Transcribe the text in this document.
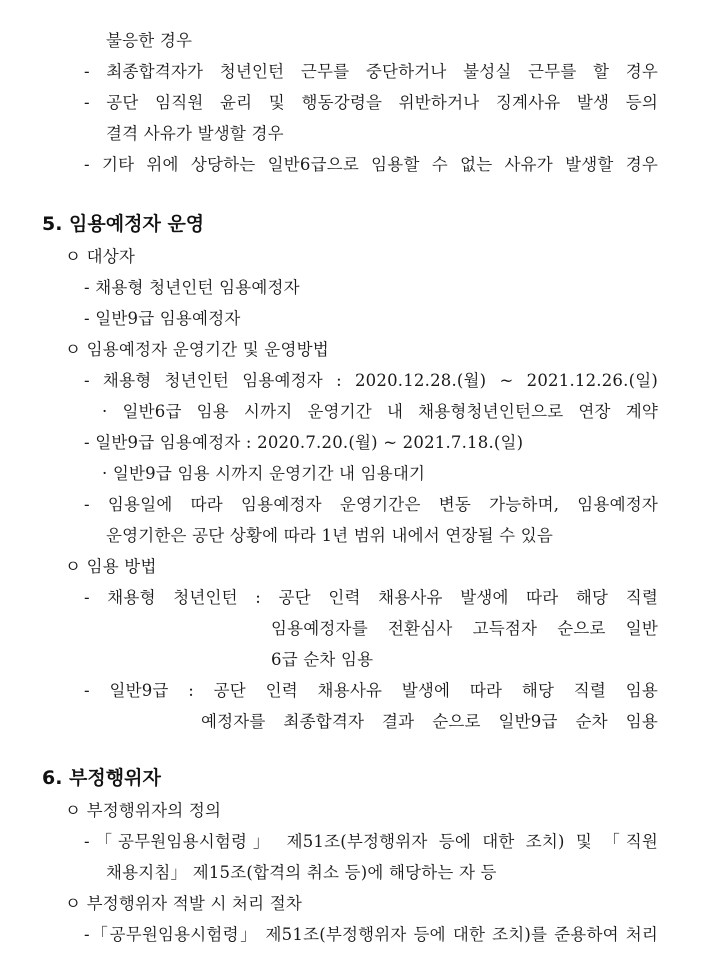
불응한 경우
- 최종합격자가 청년인턴 근무를 중단하거나 불성실 근무를 할 경우
- 공단 임직원 윤리 및 행동강령을 위반하거나 징계사유 발생 등의
결격 사유가 발생할 경우
- 기타 위에 상당하는 일반6급으로 임용할 수 없는 사유가 발생할 경우
5. 임용예정자 운영
ㅇ 대상자
- 채용형 청년인턴 임용예정자
- 일반9급 임용예정자
ㅇ 임용예정자 운영기간 및 운영방법
- 채용형 청년인턴 임용예정자 : 2020.12.28.(월) ~ 2021.12.26.(일)
· 일반6급 임용 시까지 운영기간 내 채용형청년인턴으로 연장 계약
- 일반9급 임용예정자 : 2020.7.20.(월) ~ 2021.7.18.(일)
· 일반9급 임용 시까지 운영기간 내 임용대기
- 임용일에 따라 임용예정자 운영기간은 변동 가능하며, 임용예정자
운영기한은 공단 상황에 따라 1년 범위 내에서 연장될 수 있음
ㅇ 임용 방법
- 채용형 청년인턴 : 공단 인력 채용사유 발생에 따라 해당 직렬
임용예정자를 전환심사 고득점자 순으로 일반
6급 순차 임용
- 일반9급 : 공단 인력 채용사유 발생에 따라 해당 직렬 임용
예정자를 최종합격자 결과 순으로 일반9급 순차 임용
6. 부정행위자
ㅇ 부정행위자의 정의
-「공무원임용시험령」 제51조(부정행위자 등에 대한 조치) 및 「직원
채용지침」 제15조(합격의 취소 등)에 해당하는 자 등
ㅇ 부정행위자 적발 시 처리 절차
-「공무원임용시험령」 제51조(부정행위자 등에 대한 조치)를 준용하여 처리
